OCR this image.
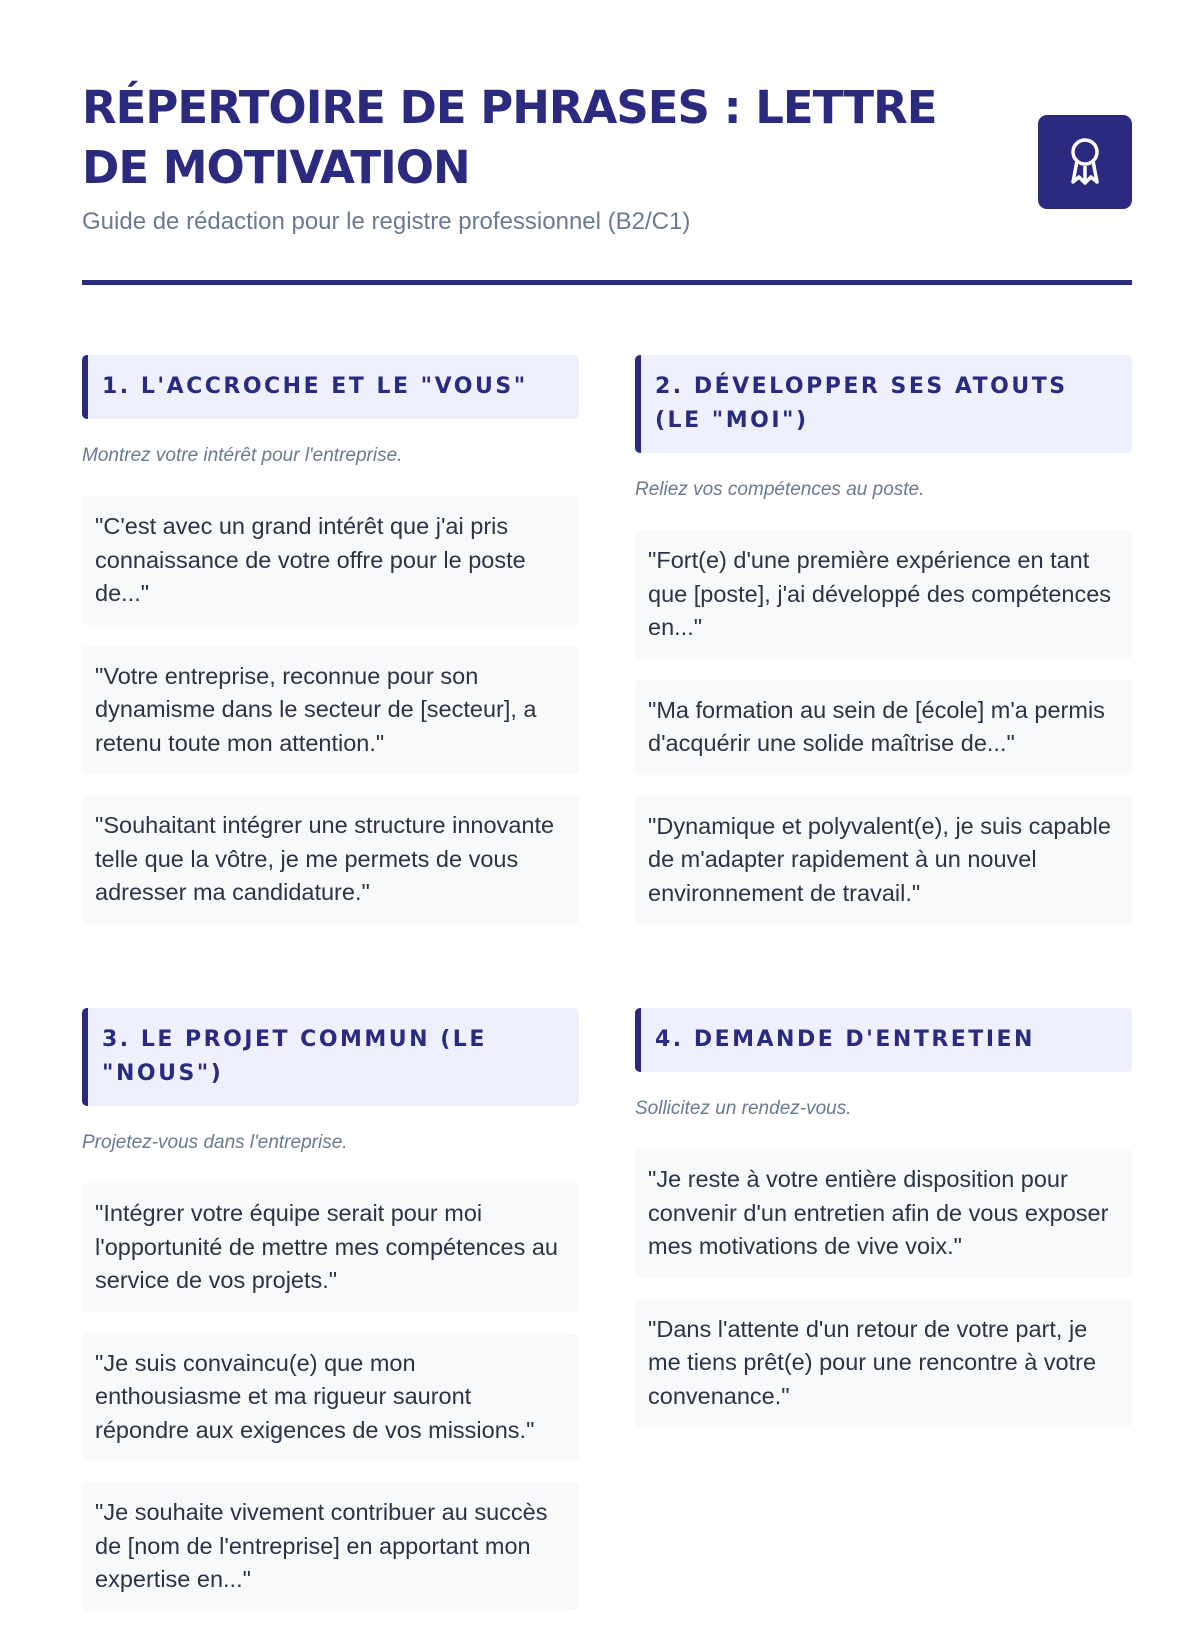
RÉPERTOIRE DE PHRASES : LETTRE DE MOTIVATION

Guide de rédaction pour le registre professionnel (B2/C1)

1. L'ACCROCHE ET LE "VOUS"
Montrez votre intérêt pour l'entreprise.
"C'est avec un grand intérêt que j'ai pris connaissance de votre offre pour le poste de..."
"Votre entreprise, reconnue pour son dynamisme dans le secteur de [secteur], a retenu toute mon attention."
"Souhaitant intégrer une structure innovante telle que la vôtre, je me permets de vous adresser ma candidature."
2. DÉVELOPPER SES ATOUTS (LE "MOI")
Reliez vos compétences au poste.
"Fort(e) d'une première expérience en tant que [poste], j'ai développé des compétences en..."
"Ma formation au sein de [école] m'a permis d'acquérir une solide maîtrise de..."
"Dynamique et polyvalent(e), je suis capable de m'adapter rapidement à un nouvel environnement de travail."
3. LE PROJET COMMUN (LE "NOUS")
Projetez-vous dans l'entreprise.
"Intégrer votre équipe serait pour moi l'opportunité de mettre mes compétences au service de vos projets."
"Je suis convaincu(e) que mon enthousiasme et ma rigueur sauront répondre aux exigences de vos missions."
"Je souhaite vivement contribuer au succès de [nom de l'entreprise] en apportant mon expertise en..."
4. DEMANDE D'ENTRETIEN
Sollicitez un rendez-vous.
"Je reste à votre entière disposition pour convenir d'un entretien afin de vous exposer mes motivations de vive voix."
"Dans l'attente d'un retour de votre part, je me tiens prêt(e) pour une rencontre à votre convenance."
